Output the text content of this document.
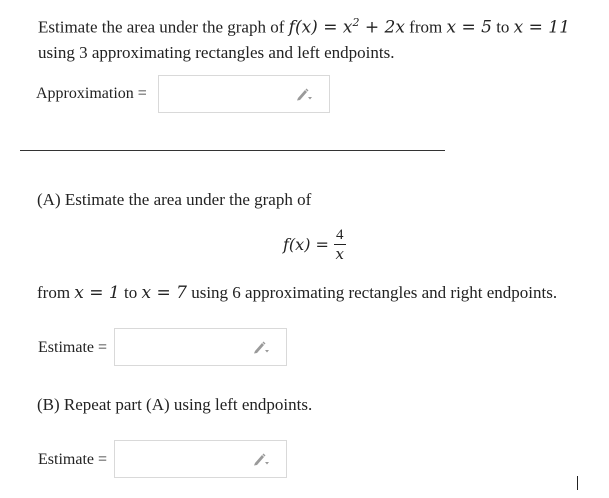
Estimate the area under the graph of $f(x) = x^2 + 2x$ from x = 5 to x = 11
using 3 approximating rectangles and left endpoints.
Approximation =
(A) Estimate the area under the graph of
$f(x) = \frac{4}{x}$
from x = 1 to x = 7 using 6 approximating rectangles and right endpoints.
Estimate =
(B) Repeat part (A) using left endpoints.
Estimate =
